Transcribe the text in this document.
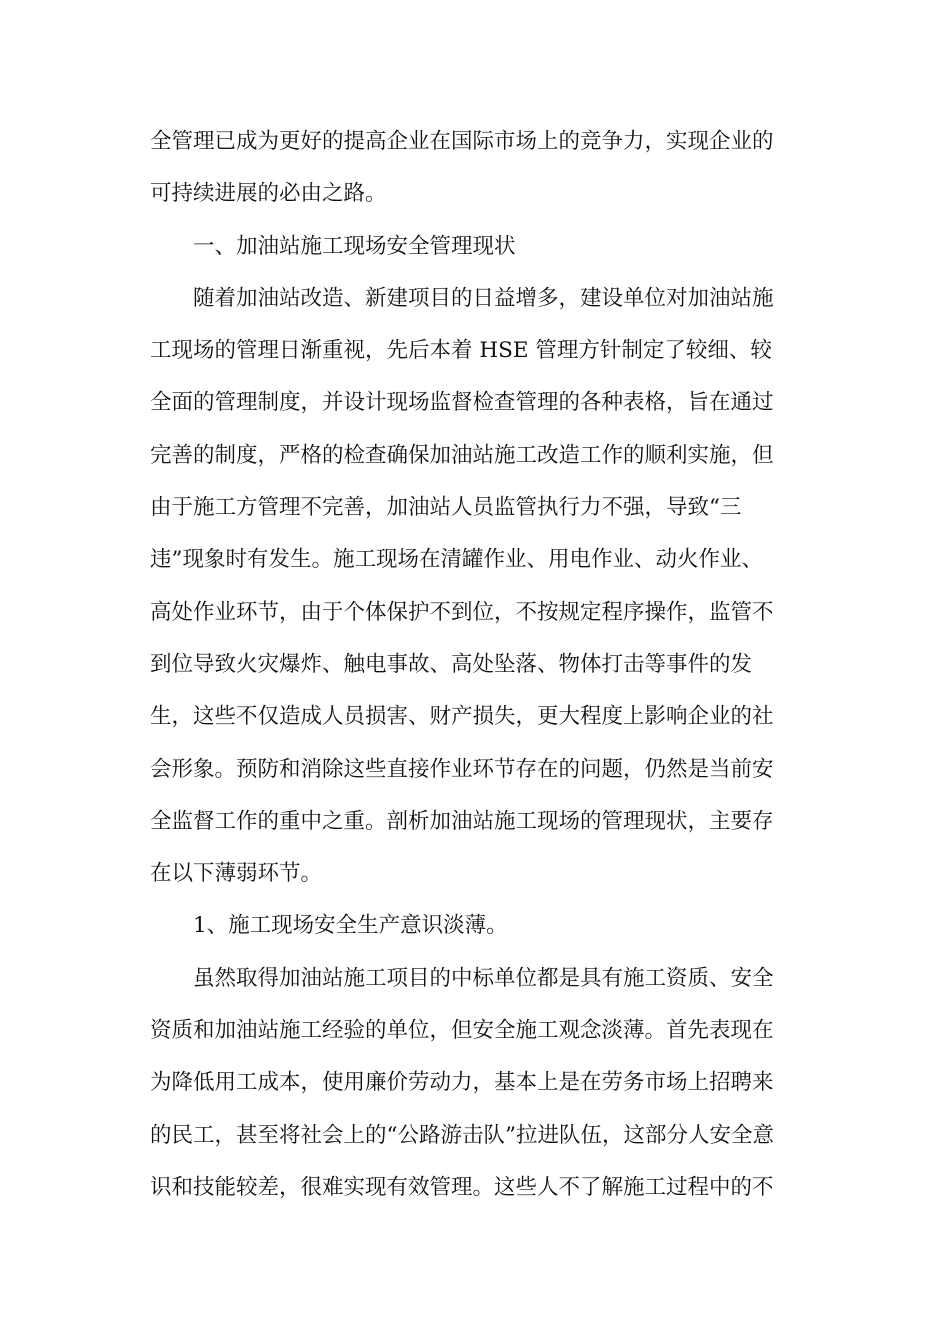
全管理已成为更好的提高企业在国际市场上的竞争力，实现企业的
可持续进展的必由之路。
一、加油站施工现场安全管理现状
随着加油站改造、新建项目的日益增多，建设单位对加油站施
工现场的管理日渐重视，先后本着 HSE 管理方针制定了较细、较
全面的管理制度，并设计现场监督检查管理的各种表格，旨在通过
完善的制度，严格的检查确保加油站施工改造工作的顺利实施，但
由于施工方管理不完善，加油站人员监管执行力不强，导致“三
违”现象时有发生。施工现场在清罐作业、用电作业、动火作业、
高处作业环节，由于个体保护不到位，不按规定程序操作，监管不
到位导致火灾爆炸、触电事故、高处坠落、物体打击等事件的发
生，这些不仅造成人员损害、财产损失，更大程度上影响企业的社
会形象。预防和消除这些直接作业环节存在的问题，仍然是当前安
全监督工作的重中之重。剖析加油站施工现场的管理现状，主要存
在以下薄弱环节。
1、施工现场安全生产意识淡薄。
虽然取得加油站施工项目的中标单位都是具有施工资质、安全
资质和加油站施工经验的单位，但安全施工观念淡薄。首先表现在
为降低用工成本，使用廉价劳动力，基本上是在劳务市场上招聘来
的民工，甚至将社会上的“公路游击队”拉进队伍，这部分人安全意
识和技能较差，很难实现有效管理。这些人不了解施工过程中的不
